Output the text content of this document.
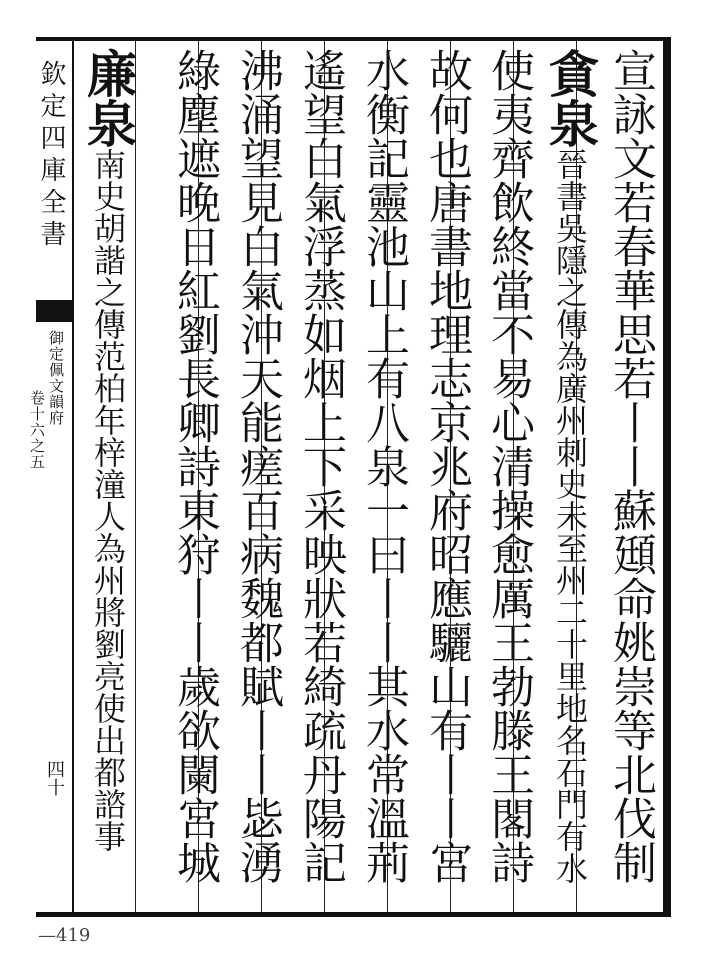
欽定四庫全書
御定佩文韻府
卷十六之五
四十
—419
宣詠文若春華思若丨丨蘇頲命姚崇等北伐制
貪泉晉書吳隱之傳為廣州刺史未至州二十里地名石門有水
使夷齊飲終當不易心清操愈厲王勃滕王閣詩
故何也唐書地理志京兆府昭應驪山有丨丨宮
水衡記靈池山上有八泉一曰丨丨其水常溫荊
遙望白氣浮蒸如烟上下采映狀若綺疏丹陽記
沸涌望見白氣沖天能瘥百病魏都賦丨丨毖湧
綠塵遮晚日紅劉長卿詩東狩丨丨歲欲闌宮城
廉泉南史胡諧之傳范柏年梓潼人為州將劉亮使出都諮事
